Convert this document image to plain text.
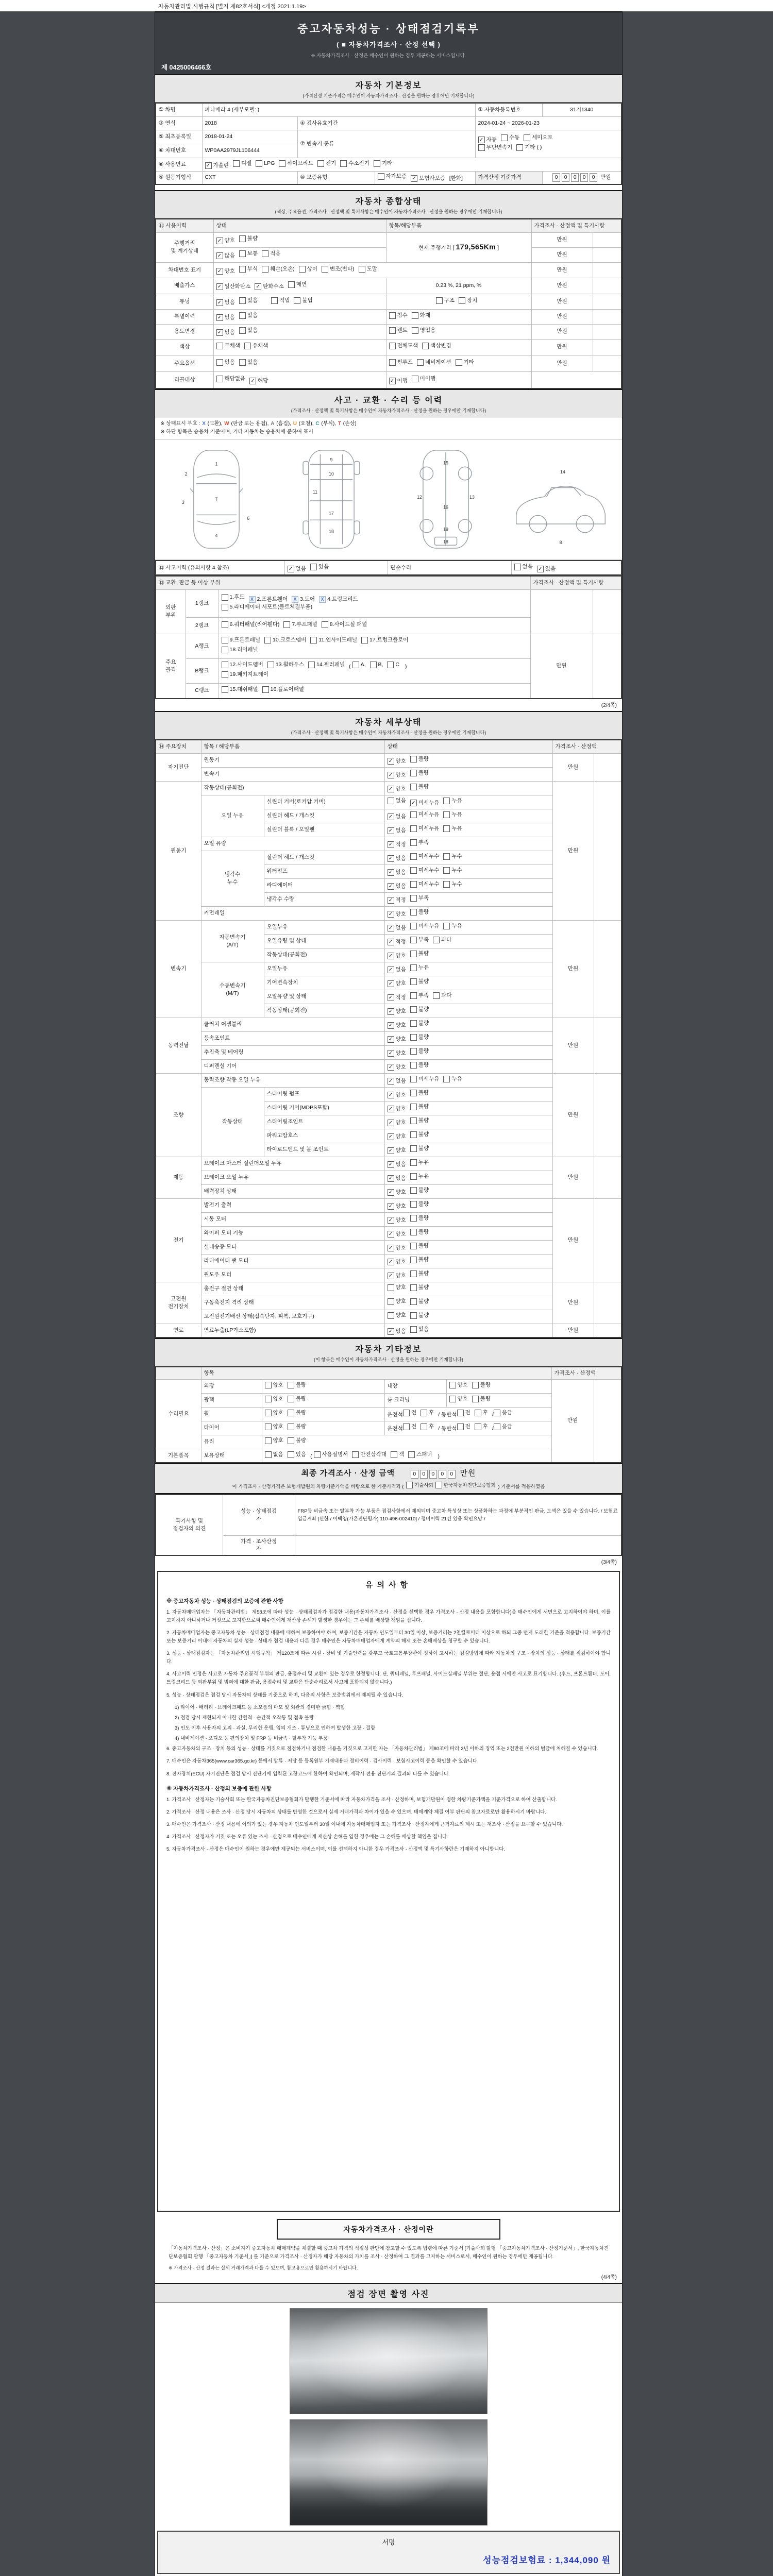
자동차관리법 시행규칙 [별지 제82호서식] <개정 2021.1.19>
중고자동차성능 · 상태점검기록부
( ■ 자동차가격조사 · 산정 선택 )
※ 자동차가격조사 · 산정은 매수인이 원하는 경우 제공하는 서비스입니다.
제 0425006466호
자동차 기본정보
(가격산정 기준가격은 매수인이 자동차가격조사 · 산정을 원하는 경우에만 기재합니다)
① 차명	파나메라 4 (세부모델: )			② 자동차등록번호	31거1340
③ 연식	2018	④ 검사유효기간		2024-01-24 ~ 2026-01-23	
⑤ 최초등록일	2018-01-24	⑦ 변속기 종류	
✓ 자동 수동 세미오토

무단변속기 기타 ( )

⑥ 차대번호	WP0AA2979JL106444				
⑧ 사용연료	✓ 가솔린 디젤 LPG 하이브리드 전기 수소전기 기타

⑨ 원동기형식	CXT	⑩ 보증유형	자가보증 ✓ 보험사보증 [한화]	가격산정 기준가격	0 0 0 0 0 만원
자동차 종합상태
(색상, 주요옵션, 가격조사 · 산정액 및 특기사항은 매수인이 자동차가격조사 · 산정을 원하는 경우에만 기재합니다)
⑪ 사용이력	상태	항목/해당부품	가격조사 · 산정액 및 특기사항	
주행거리
및 계기상태	✓ 양호 불량	현재 주행거리 [ 179,565Km ]	만원	

	✓ 많음 보통 적음		만원	
차대번호 표기	✓ 양호 부식 훼손(오손) 상이 변조(변타) 도말	만원	
배출가스	✓ 일산화탄소 ✓ 탄화수소 매연	0.23 %, 21 ppm, %	만원	
튜닝	✓ 없음 있음 적법 불법	구조 장치	만원	
특별이력	✓ 없음 있음	침수 화재	만원	
용도변경	✓ 없음 있음	렌트 영업용	만원	
색상	무채색 유채색	전체도색 색상변경	만원	
주요옵션	없음 있음	썬루프 네비게이션 기타	만원	
리콜대상	해당없음 ✓ 해당	✓ 이행 미이행		

사고 · 교환 · 수리 등 이력
(가격조사 · 산정액 및 특기사항은 매수인이 자동차가격조사 · 산정을 원하는 경우에만 기재합니다)
※ 상태표시 부호 : X (교환), W (판금 또는 용접), A (흠집), U (요철), C (부식), T (손상)
※ 하단 항목은 승용차 기준이며, 기타 자동차는 승용차에 준하여 표시
1
2
3
4
6
7
9
10
11
17
18
15
12	13
16
19
18
14
8
⑫ 사고이력 (유의사항 4.참조)	✓ 없음 있음	단순수리	없음 ✓ 있음
⑬ 교환, 판금 등 이상 부위			가격조사 · 산정액 및 특기사항	
외판
부위	1랭크	
1.후드	X 2.프론트휀더	X 3.도어	X 4.트렁크리드

5.라디에이터 서포트(볼트체결부품)

	2랭크	6.쿼터패널(리어휀다) 7.루프패널 8.사이드실 패널		

주요
골격	A랭크	9.프론트패널 10.크로스멤버 11.인사이드패널 17.트렁크플로어

18.리어패널	만원	
B랭크	
12.사이드멤버 13.휠하우스 14.필러패널 ( A, B, C )

19.패키지트레이

	C랭크	15.대쉬패널 16.플로어패널		
(2/4쪽)
자동차 세부상태
(가격조사 · 산정액 및 특기사항은 매수인이 자동차가격조사 · 산정을 원하는 경우에만 기재합니다)
⑭ 주요장치	항목 / 해당부품		상태	가격조사 · 산정액	
자기진단	원동기		✓ 양호 불량	만원	
	변속기		✓ 양호 불량		

원동기	작동상태(공회전)		✓ 양호 불량	만원	
	오일 누유	실린더 커버(로커암 커버)	없음 ✓ 미세누유 누유		

		실린더 헤드 / 개스킷	✓ 없음 미세누유 누유		

		실린더 블록 / 오일팬	✓ 없음 미세누유 누유		

	오일 유량		✓ 적정 부족		

	냉각수
누수	실린더 헤드 / 개스킷	✓ 없음 미세누수 누수		

		워터펌프	✓ 없음 미세누수 누수		

		라디에이터	✓ 없음 미세누수 누수		

		냉각수 수량	✓ 적정 부족		

	커먼레일		✓ 양호 불량		

변속기	자동변속기
(A/T)	오일누유	✓ 없음 미세누유 누유	만원	
		오일유량 및 상태	✓ 적정 부족 과다		

		작동상태(공회전)	✓ 양호 불량		

	수동변속기
(M/T)	오일누유	✓ 없음 누유		

		기어변속장치	✓ 양호 불량		

		오일유량 및 상태	✓ 적정 부족 과다		

		작동상태(공회전)	✓ 양호 불량		

동력전달	클러치 어셈블리		✓ 양호 불량	만원	
	등속조인트		✓ 양호 불량		

	추진축 및 베어링		✓ 양호 불량		

	디퍼렌셜 기어		✓ 양호 불량		

조향	동력조향 작동 오일 누유		✓ 없음 미세누유 누유	만원	
	작동상태	스티어링 펌프	✓ 양호 불량		

		스티어링 기어(MDPS포함)	✓ 양호 불량		

		스티어링조인트	✓ 양호 불량		

		파워고압호스	✓ 양호 불량		

		타이로드엔드 및 볼 조인트	✓ 양호 불량		

제동	브레이크 마스터 실린더오일 누유		✓ 없음 누유	만원	
	브레이크 오일 누유		✓ 없음 누유		

	배력장치 상태		✓ 양호 불량		

전기	발전기 출력		✓ 양호 불량	만원	
	시동 모터		✓ 양호 불량		

	와이퍼 모터 기능		✓ 양호 불량		

	실내송풍 모터		✓ 양호 불량		

	라디에이터 팬 모터		✓ 양호 불량		

	윈도우 모터		✓ 양호 불량		

고전원
전기장치	충전구 절연 상태		양호 불량	만원	
	구동축전지 격리 상태		양호 불량		

	고전원전기배선 상태(접속단자, 피복, 보호기구)		양호 불량		

연료	연료누출(LP가스포함)		✓ 없음 있음	만원	
자동차 기타정보
(이 항목은 매수인이 자동차가격조사 · 산정을 원하는 경우에만 기재합니다)
	항목				가격조사 · 산정액	
수리필요	외장	양호 불량	내장	양호 불량	만원	
	광택	양호 불량	룸 크리닝	양호 불량		

휠	양호 불량	운전석 전 후 / 동반석 전 후 / 응급

타이어	양호 불량	운전석 전 후 / 동반석 전 후 / 응급

	유리	양호 불량				

기본품목	보유상태	없음 있음 ( 사용설명서 안전삼각대 잭 스패너 )
최종 가격조사 · 산정 금액	0 0 0 0 0 만원
이 가격조사 · 산정가격은 보험개발원의 차량기준가액을 바탕으로 한 기준가격과 ( 기술사회 한국자동차진단보증협회 ) 기준서를 적용하였음
특기사항 및
점검자의 의견	성능 · 상태점검
자	FRP등 비금속 또는 탈부착 가능 부품은 점검사항에서 제외되며 중고차 특성상 또는 상품화하는 과정에 부분적인 판금, 도색은 있을 수 있습니다. / 보험료 입금계좌 [신한 / 이택영(가온진단평가) 110-496-002410] / 정비이력 21건 있음 확인요망 /
	가격 · 조사산정
자	
(3/4쪽)
유의사항
※ 중고자동차 성능 · 상태점검의 보증에 관한 사항
1. 자동차매매업자는 「자동차관리법」 제58조에 따라 성능 · 상태점검자가 점검한 내용(자동차가격조사 · 산정을 선택한 경우 가격조사 · 산정 내용을 포함합니다)을 매수인에게 서면으로 고지하여야 하며, 이를 고지하지 아니하거나 거짓으로 고지함으로써 매수인에게 재산상 손해가 발생한 경우에는 그 손해를 배상할 책임을 집니다.
2. 자동차매매업자는 중고자동차 성능 · 상태점검 내용에 대하여 보증하여야 하며, 보증기간은 자동차 인도일부터 30일 이상, 보증거리는 2천킬로미터 이상으로 하되 그중 먼저 도래한 기준을 적용합니다. 보증기간 또는 보증거리 이내에 자동차의 실제 성능 · 상태가 점검 내용과 다른 경우 매수인은 자동차매매업자에게 계약의 해제 또는 손해배상을 청구할 수 있습니다.
3. 성능 · 상태점검자는 「자동차관리법 시행규칙」 제120조에 따른 시설 · 장비 및 기술인력을 갖추고 국토교통부장관이 정하여 고시하는 점검방법에 따라 자동차의 구조 · 장치의 성능 · 상태를 점검하여야 합니다.
4. 사고이력 인정은 사고로 자동차 주요골격 부위의 판금, 용접수리 및 교환이 있는 경우로 한정합니다. 단, 쿼터패널, 루프패널, 사이드실패널 부위는 절단, 용접 시에만 사고로 표기합니다. (후드, 프론트휀더, 도어, 트렁크리드 등 외판부위 및 범퍼에 대한 판금, 용접수리 및 교환은 단순수리로서 사고에 포함되지 않습니다.)
5. 성능 · 상태점검은 점검 당시 자동차의 상태를 기준으로 하며, 다음의 사항은 보증범위에서 제외될 수 있습니다.
1) 타이어 · 배터리 · 브레이크패드 등 소모품의 마모 및 외관의 경미한 긁힘 · 찍힘
2) 점검 당시 재현되지 아니한 간헐적 · 순간적 오작동 및 접촉 불량
3) 인도 이후 사용자의 고의 · 과실, 무리한 운행, 임의 개조 · 튜닝으로 인하여 발생한 고장 · 결함
4) 내비게이션 · 오디오 등 편의장치 및 FRP 등 비금속 · 탈부착 가능 부품
6. 중고자동차의 구조 · 장치 등의 성능 · 상태를 거짓으로 점검하거나 점검한 내용을 거짓으로 고지한 자는 「자동차관리법」 제80조에 따라 2년 이하의 징역 또는 2천만원 이하의 벌금에 처해질 수 있습니다.
7. 매수인은 자동차365(www.car365.go.kr) 등에서 압류 · 저당 등 등록원부 기재내용과 정비이력 · 검사이력 · 보험사고이력 등을 확인할 수 있습니다.
8. 전자장치(ECU) 자기진단은 점검 당시 진단기에 입력된 고장코드에 한하여 확인되며, 제작사 전용 진단기의 결과와 다를 수 있습니다.
※ 자동차가격조사 · 산정의 보증에 관한 사항
1. 가격조사 · 산정자는 기술사회 또는 한국자동차진단보증협회가 발행한 기준서에 따라 자동차가격을 조사 · 산정하며, 보험개발원이 정한 차량기준가액을 기준가격으로 하여 산출합니다.
2. 가격조사 · 산정 내용은 조사 · 산정 당시 자동차의 상태를 반영한 것으로서 실제 거래가격과 차이가 있을 수 있으며, 매매계약 체결 여부 판단의 참고자료로만 활용하시기 바랍니다.
3. 매수인은 가격조사 · 산정 내용에 이의가 있는 경우 자동차 인도일부터 30일 이내에 자동차매매업자 또는 가격조사 · 산정자에게 근거자료의 제시 또는 재조사 · 산정을 요구할 수 있습니다.
4. 가격조사 · 산정자가 거짓 또는 오류 있는 조사 · 산정으로 매수인에게 재산상 손해를 입힌 경우에는 그 손해를 배상할 책임을 집니다.
5. 자동차가격조사 · 산정은 매수인이 원하는 경우에만 제공되는 서비스이며, 이를 선택하지 아니한 경우 가격조사 · 산정액 및 특기사항란은 기재하지 아니합니다.
자동차가격조사 · 산정이란
「자동차가격조사 · 산정」은 소비자가 중고자동차 매매계약을 체결할 때 중고차 가격의 적절성 판단에 참고할 수 있도록 법령에 따른 기준서 [기술사회 발행 「중고자동차가격조사 · 산정기준서」, 한국자동차진단보증협회 발행 「중고자동차 기준서」] 를 기준으로 가격조사 · 산정자가 해당 자동차의 가치를 조사 · 산정하여 그 결과를 고지하는 서비스로서, 매수인이 원하는 경우에만 제공됩니다.
※ 가격조사 · 산정 결과는 실제 거래가격과 다를 수 있으며, 참고용으로만 활용하시기 바랍니다.
(4/4쪽)
점검 장면 촬영 사진
서명
성능점검보험료 : 1,344,090 원
